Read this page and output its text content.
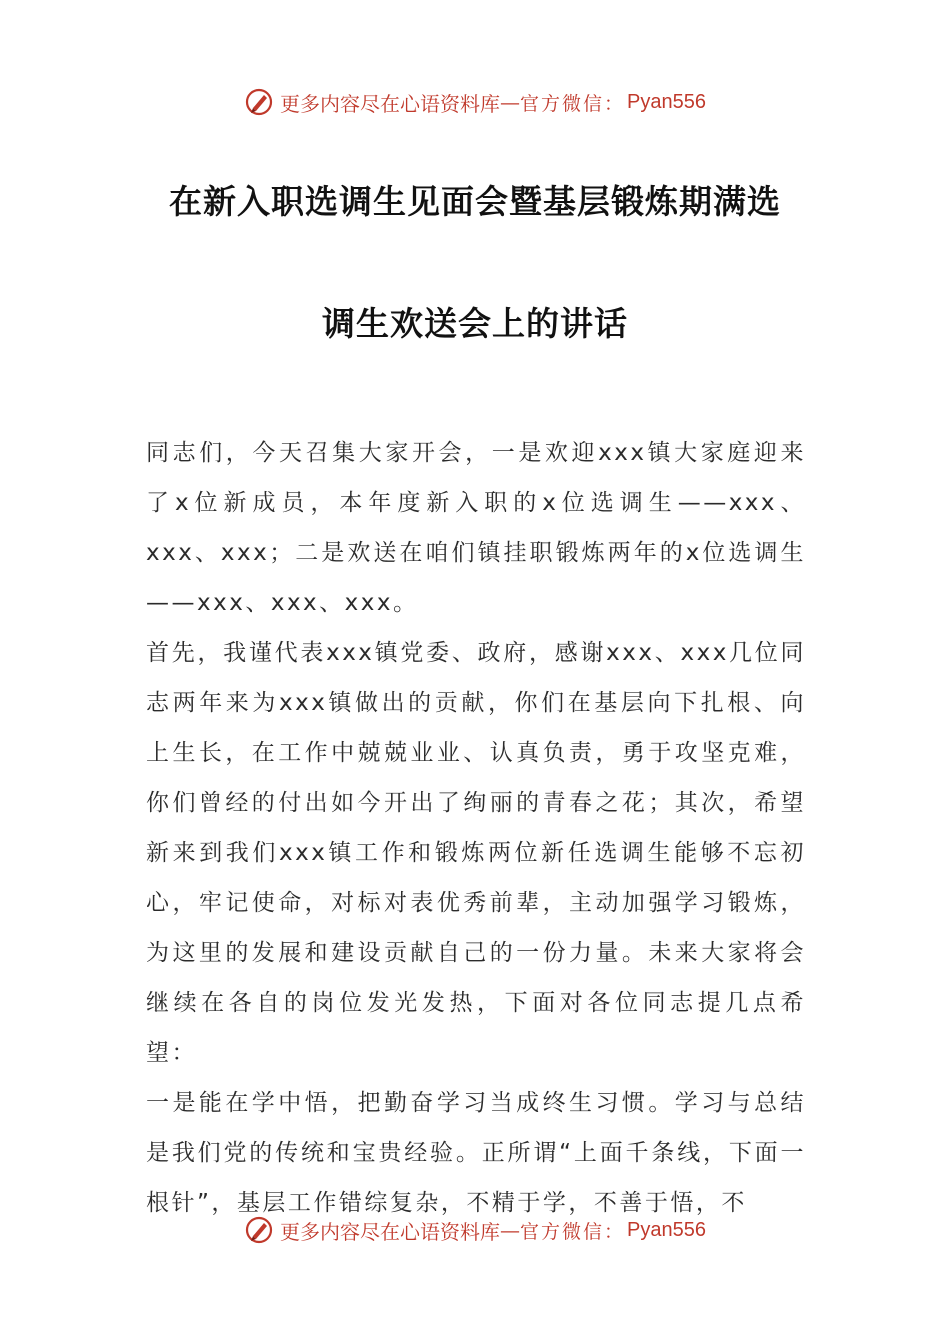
更多内容尽在心语资料库 — 官方微信： Pyan556
在新入职选调生见面会暨基层锻炼期满选
调生欢送会上的讲话

同志们，今天召集大家开会，一是欢迎xxx镇大家庭迎来了x位新成员，本年度新入职的x位选调生——xxx、xxx、xxx；二是欢送在咱们镇挂职锻炼两年的x位选调生——xxx、xxx、xxx。

首先，我谨代表xxx镇党委、政府，感谢xxx、xxx几位同志两年来为xxx镇做出的贡献，你们在基层向下扎根、向上生长，在工作中兢兢业业、认真负责，勇于攻坚克难，你们曾经的付出如今开出了绚丽的青春之花；其次，希望新来到我们xxx镇工作和锻炼两位新任选调生能够不忘初心，牢记使命，对标对表优秀前辈，主动加强学习锻炼，为这里的发展和建设贡献自己的一份力量。未来大家将会继续在各自的岗位发光发热，下面对各位同志提几点希望：

一是能在学中悟，把勤奋学习当成终生习惯。学习与总结是我们党的传统和宝贵经验。正所谓“上面千条线，下面一根针”，基层工作错综复杂，不精于学，不善于悟，不

更多内容尽在心语资料库 — 官方微信： Pyan556
